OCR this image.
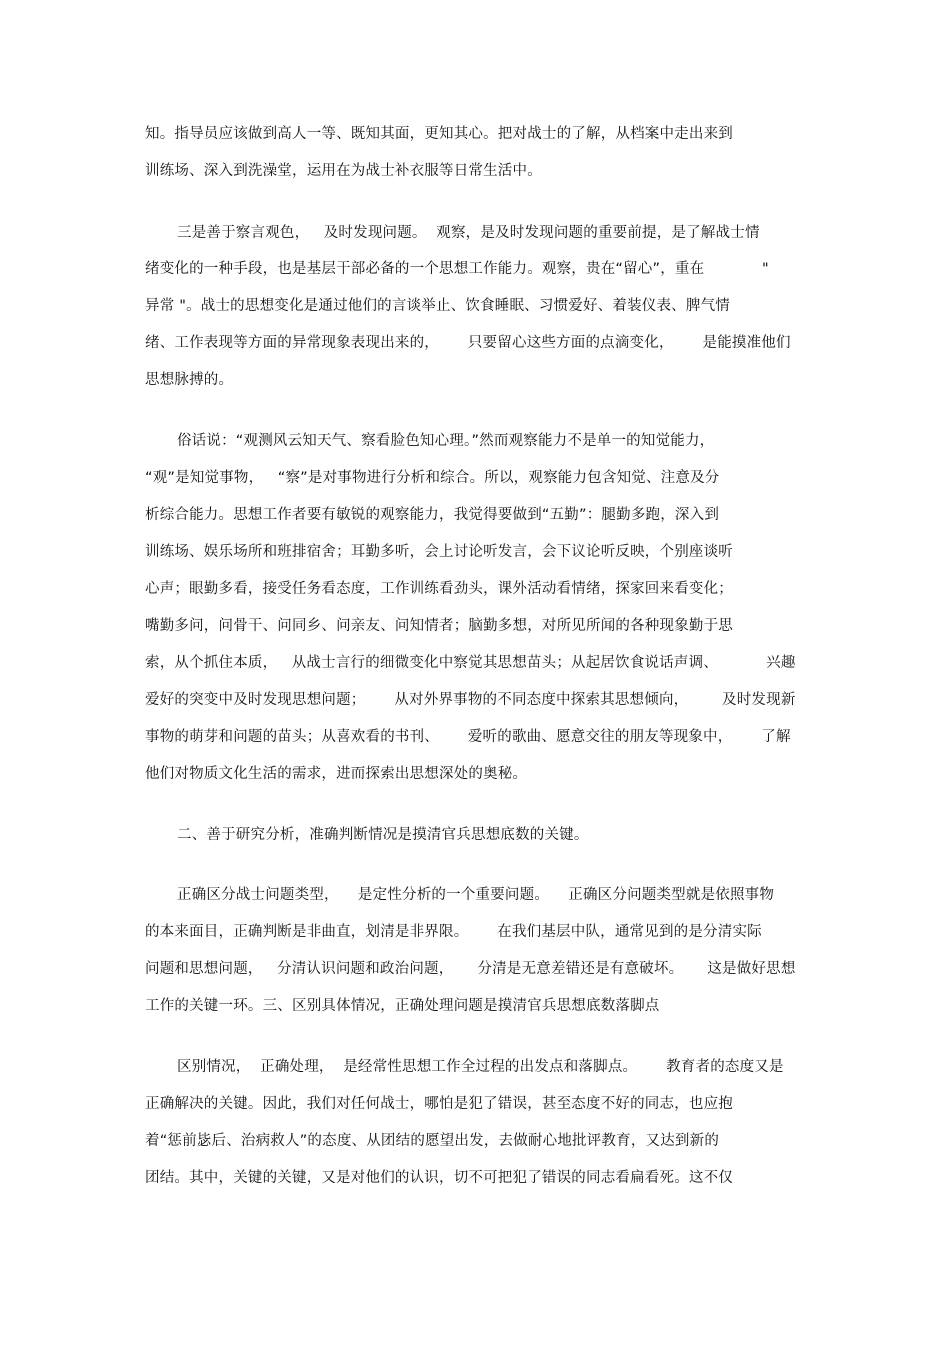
知。指导员应该做到高人一等、既知其面，更知其心。把对战士的了解，从档案中走出来到
训练场、深入到洗澡堂，运用在为战士补衣服等日常生活中。
三是善于察言观色，   及时发现问题。  观察，是及时发现问题的重要前提，是了解战士情
绪变化的一种手段，也是基层干部必备的一个思想工作能力。观察，贵在“留心”，重在            "
异常 "。战士的思想变化是通过他们的言谈举止、饮食睡眠、习惯爱好、着装仪表、脾气情
绪、工作表现等方面的异常现象表现出来的，      只要留心这些方面的点滴变化，      是能摸准他们
思想脉搏的。
俗话说：“观测风云知天气、察看脸色知心理。”然而观察能力不是单一的知觉能力，
“观”是知觉事物，   “察”是对事物进行分析和综合。所以，观察能力包含知觉、注意及分
析综合能力。思想工作者要有敏锐的观察能力，我觉得要做到“五勤”：腿勤多跑，深入到
训练场、娱乐场所和班排宿舍；耳勤多听，会上讨论听发言，会下议论听反映，个别座谈听
心声；眼勤多看，接受任务看态度，工作训练看劲头，课外活动看情绪，探家回来看变化；
嘴勤多问，问骨干、问同乡、问亲友、问知情者；脑勤多想，对所见所闻的各种现象勤于思
索，从个抓住本质，   从战士言行的细微变化中察觉其思想苗头；从起居饮食说话声调、          兴趣
爱好的突变中及时发现思想问题；      从对外界事物的不同态度中探索其思想倾向，       及时发现新
事物的萌芽和问题的苗头；从喜欢看的书刊、      爱听的歌曲、愿意交往的朋友等现象中，      了解
他们对物质文化生活的需求，进而探索出思想深处的奥秘。
二、善于研究分析，准确判断情况是摸清官兵思想底数的关键。
正确区分战士问题类型，    是定性分析的一个重要问题。    正确区分问题类型就是依照事物
的本来面目，正确判断是非曲直，划清是非界限。      在我们基层中队，通常见到的是分清实际
问题和思想问题，   分清认识问题和政治问题，     分清是无意差错还是有意破坏。     这是做好思想
工作的关键一环。三、区别具体情况，正确处理问题是摸清官兵思想底数落脚点
区别情况，  正确处理，  是经常性思想工作全过程的出发点和落脚点。      教育者的态度又是
正确解决的关键。因此，我们对任何战士，哪怕是犯了错误，甚至态度不好的同志，也应抱
着“惩前毖后、治病救人”的态度、从团结的愿望出发，去做耐心地批评教育，又达到新的
团结。其中，关键的关键，又是对他们的认识，切不可把犯了错误的同志看扁看死。这不仅
